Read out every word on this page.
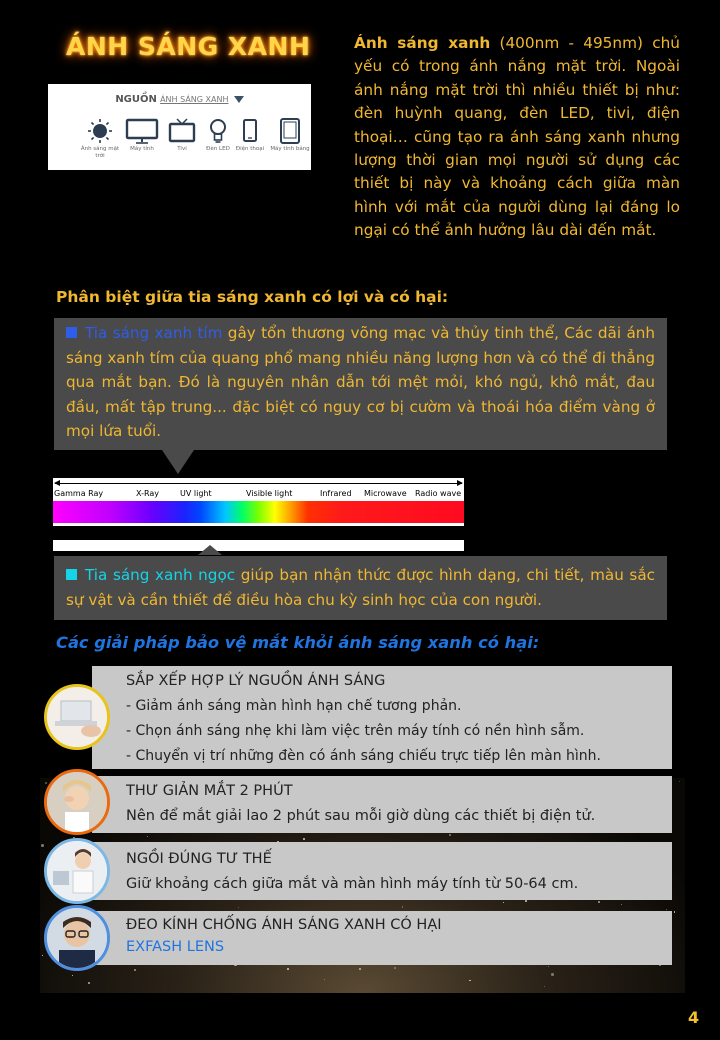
ÁNH SÁNG XANH
NGUỒN ÁNH SÁNG XANH
Ánh sáng mặt trời
Máy tính	Tivi	Đèn LED	Điện thoại	Máy tính bảng
Ánh sáng xanh (400nm - 495nm) chủ yếu có trong ánh nắng mặt trời. Ngoài ánh nắng mặt trời thì nhiều thiết bị như: đèn huỳnh quang, đèn LED, tivi, điện thoại… cũng tạo ra ánh sáng xanh nhưng lượng thời gian mọi người sử dụng các thiết bị này và khoảng cách giữa màn hình với mắt của người dùng lại đáng lo ngại có thể ảnh hưởng lâu dài đến mắt.
Phân biệt giữa tia sáng xanh có lợi và có hại:
Tia sáng xanh tím gây tổn thương võng mạc và thủy tinh thể, Các dãi ánh sáng xanh tím của quang phổ mang nhiều năng lượng hơn và có thể đi thẳng qua mắt bạn. Đó là nguyên nhân dẫn tới mệt mỏi, khó ngủ, khô mắt, đau đầu, mất tập trung... đặc biệt có nguy cơ bị cườm và thoái hóa điểm vàng ở mọi lứa tuổi.
Gamma Ray	X-Ray	UV light	Visible light	Infrared Microwave Radio wave
Tia sáng xanh ngọc giúp bạn nhận thức được hình dạng, chi tiết, màu sắc sự vật và cần thiết để điều hòa chu kỳ sinh học của con người.
Các giải pháp bảo vệ mắt khỏi ánh sáng xanh có hại:
SẮP XẾP HỢP LÝ NGUỒN ÁNH SÁNG
- Giảm ánh sáng màn hình hạn chế tương phản.
- Chọn ánh sáng nhẹ khi làm việc trên máy tính có nền hình sẫm.
- Chuyển vị trí những đèn có ánh sáng chiếu trực tiếp lên màn hình.
THƯ GIẢN MẮT 2 PHÚT
Nên để mắt giải lao 2 phút sau mỗi giờ dùng các thiết bị điện tử.
NGỒI ĐÚNG TƯ THẾ
Giữ khoảng cách giữa mắt và màn hình máy tính từ 50-64 cm.
ĐEO KÍNH CHỐNG ÁNH SÁNG XANH CÓ HẠI
EXFASH LENS
4
